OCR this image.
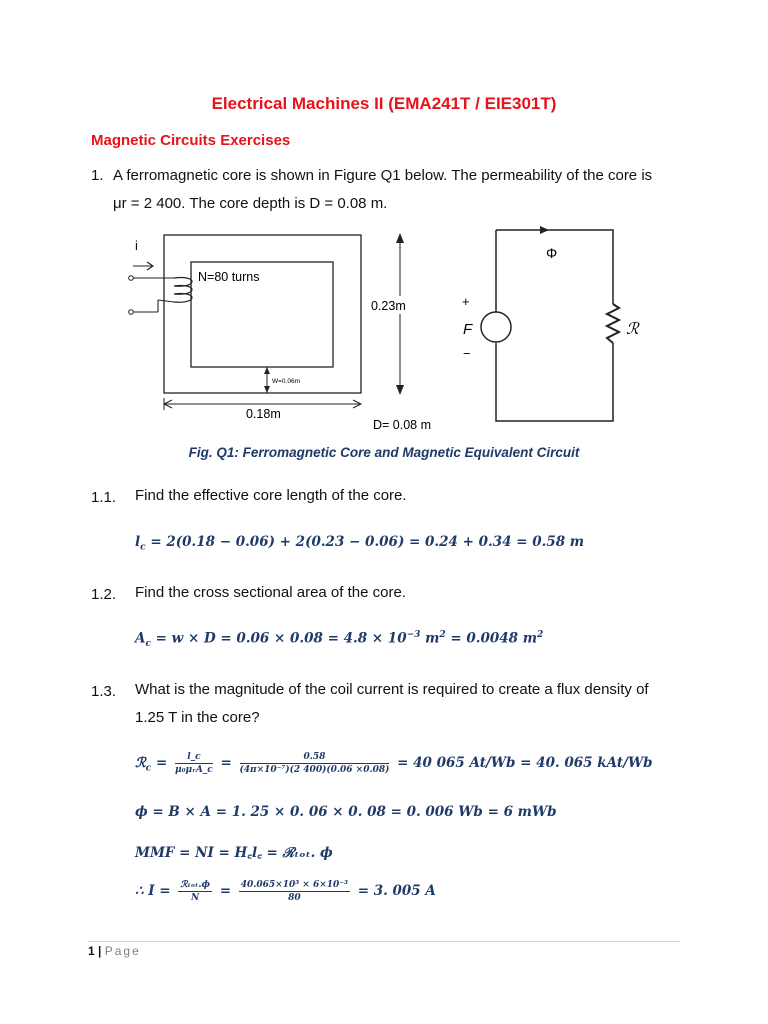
Electrical Machines II (EMA241T / EIE301T)
Magnetic Circuits Exercises
1. A ferromagnetic core is shown in Figure Q1 below. The permeability of the core is
μr = 2 400. The core depth is D = 0.08 m.
i
N=80 turns
0.23m
W=0.06m
0.18m
D= 0.08 m
Φ
+
F
−
ℛ
Fig. Q1: Ferromagnetic Core and Magnetic Equivalent Circuit
1.1. Find the effective core length of the core.
$l_c = 2(0.18 - 0.06) + 2(0.23 - 0.06) = 0.24 + 0.34 = 0.58$ m
1.2. Find the cross sectional area of the core.
$A_c = w \times D = 0.06 \times 0.08 = 4.8 \times 10^{-3}$ $m^2 = 0.0048$ $m^2$
1.3. What is the magnitude of the coil current is required to create a flux density of
1.25 T in the core?
ℛ$_c$ = $\frac{l\_c}{\text{μ₀μᵣA\_c}} = \frac{0.58}{\text{(4π×10⁻⁷)(2 400)(0.06 ×0.08)}} = 40$ 065 At/Wb = 40. 065 kAt/Wb
ϕ = B × A = 1. 25 × 0. 06 × 0. 08 = 0. 006 Wb = 6 mWb
MMF = NI = H꜀l꜀ = ℛₜₒₜ. ϕ
∴ $I = \frac{\text{ℛₜₒₜ.ϕ}}{N} = \frac{\text{40.065×10³ × 6×10⁻³}}{80} = 3$. 005 A
1 | Page
